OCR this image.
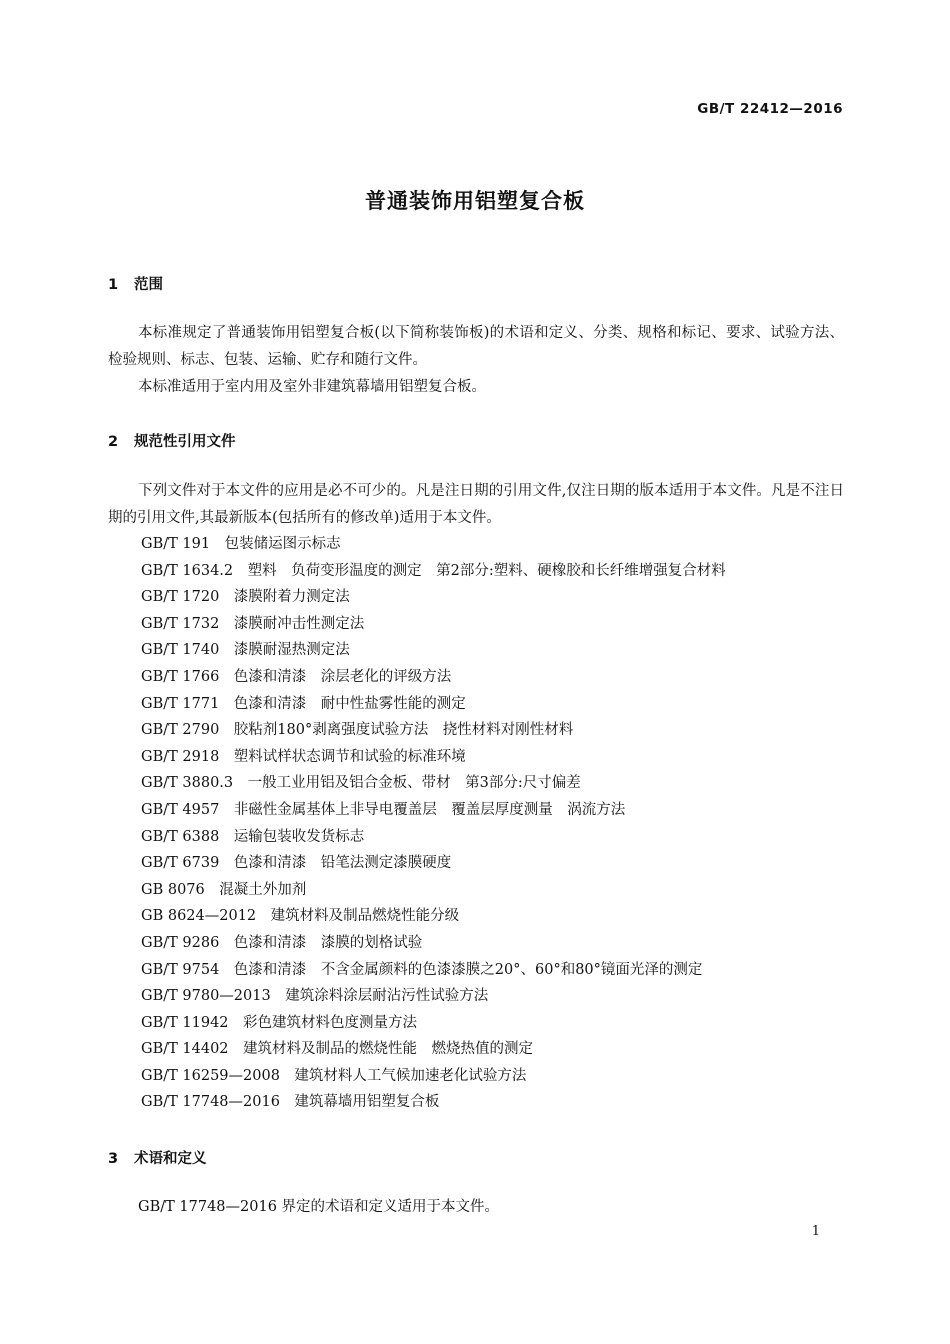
GB/T 22412—2016
普通装饰用铝塑复合板
1 范围
本标准规定了普通装饰用铝塑复合板(以下简称装饰板)的术语和定义、分类、规格和标记、要求、试验方法、检验规则、标志、包装、运输、贮存和随行文件。
本标准适用于室内用及室外非建筑幕墙用铝塑复合板。
2 规范性引用文件
下列文件对于本文件的应用是必不可少的。凡是注日期的引用文件,仅注日期的版本适用于本文件。凡是不注日期的引用文件,其最新版本(包括所有的修改单)适用于本文件。
GB/T 191　包装储运图示标志
GB/T 1634.2　塑料　负荷变形温度的测定　第2部分:塑料、硬橡胶和长纤维增强复合材料
GB/T 1720　漆膜附着力测定法
GB/T 1732　漆膜耐冲击性测定法
GB/T 1740　漆膜耐湿热测定法
GB/T 1766　色漆和清漆　涂层老化的评级方法
GB/T 1771　色漆和清漆　耐中性盐雾性能的测定
GB/T 2790　胶粘剂180°剥离强度试验方法　挠性材料对刚性材料
GB/T 2918　塑料试样状态调节和试验的标准环境
GB/T 3880.3　一般工业用铝及铝合金板、带材　第3部分:尺寸偏差
GB/T 4957　非磁性金属基体上非导电覆盖层　覆盖层厚度测量　涡流方法
GB/T 6388　运输包装收发货标志
GB/T 6739　色漆和清漆　铅笔法测定漆膜硬度
GB 8076　混凝土外加剂
GB 8624—2012　建筑材料及制品燃烧性能分级
GB/T 9286　色漆和清漆　漆膜的划格试验
GB/T 9754　色漆和清漆　不含金属颜料的色漆漆膜之20°、60°和80°镜面光泽的测定
GB/T 9780—2013　建筑涂料涂层耐沾污性试验方法
GB/T 11942　彩色建筑材料色度测量方法
GB/T 14402　建筑材料及制品的燃烧性能　燃烧热值的测定
GB/T 16259—2008　建筑材料人工气候加速老化试验方法
GB/T 17748—2016　建筑幕墙用铝塑复合板
3 术语和定义
GB/T 17748—2016 界定的术语和定义适用于本文件。
1
